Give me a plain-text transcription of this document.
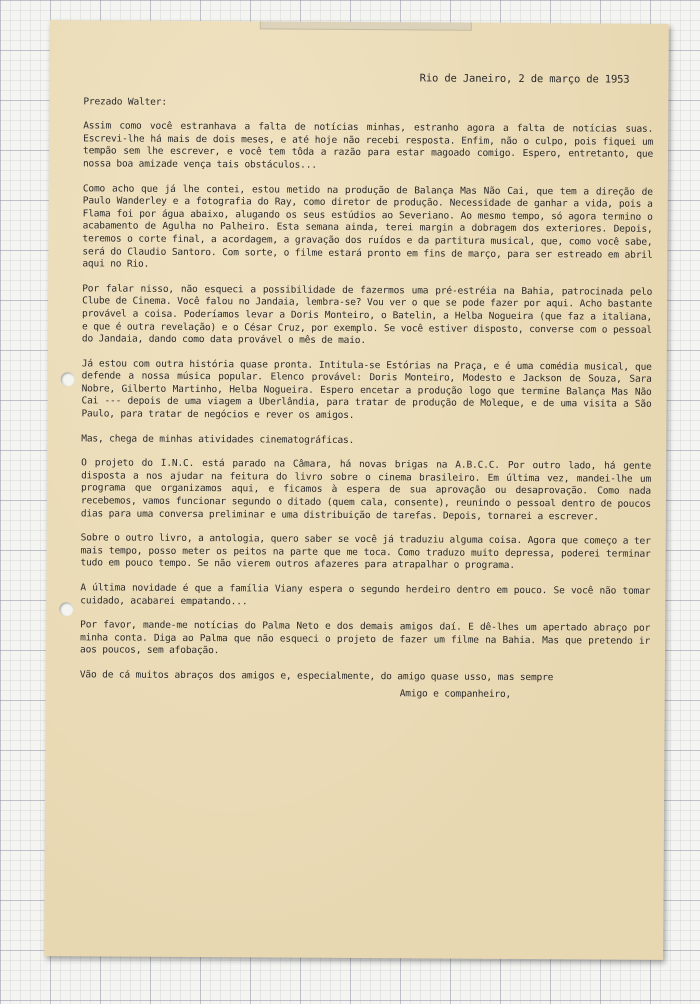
Rio de Janeiro, 2 de março de 1953

Prezado Walter:

Assim como você estranhava a falta de notícias minhas, estranho agora a falta de notícias suas. Escrevi-lhe há mais de dois meses, e até hoje não recebi resposta. Enfim, não o culpo, pois fiquei um tempão sem lhe escrever, e você tem tôda a razão para estar magoado comigo. Espero, entretanto, que nossa boa amizade vença tais obstáculos...

Como acho que já lhe contei, estou metido na produção de Balança Mas Não Cai, que tem a direção de Paulo Wanderley e a fotografia do Ray, como diretor de produção. Necessidade de ganhar a vida, pois a Flama foi por água abaixo, alugando os seus estúdios ao Severiano. Ao mesmo tempo, só agora termino o acabamento de Agulha no Palheiro. Esta semana ainda, terei margin a dobragem dos exteriores. Depois, teremos o corte final, a acordagem, a gravação dos ruídos e da partitura musical, que, como você sabe, será do Claudio Santoro. Com sorte, o filme estará pronto em fins de março, para ser estreado em abril aqui no Rio.

Por falar nisso, não esqueci a possibilidade de fazermos uma pré-estréia na Bahia, patrocinada pelo Clube de Cinema. Você falou no Jandaia, lembra-se? Vou ver o que se pode fazer por aqui. Acho bastante provável a coisa. Poderíamos levar a Doris Monteiro, o Batelin, a Helba Nogueira (que faz a italiana, e que é outra revelação) e o César Cruz, por exemplo. Se você estiver disposto, converse com o pessoal do Jandaia, dando como data provável o mês de maio.

Já estou com outra história quase pronta. Intitula-se Estórias na Praça, e é uma comédia musical, que defende a nossa música popular. Elenco provável: Doris Monteiro, Modesto e Jackson de Souza, Sara Nobre, Gilberto Martinho, Helba Nogueira. Espero encetar a produção logo que termine Balança Mas Não Cai --- depois de uma viagem a Uberlândia, para tratar de produção de Moleque, e de uma visita a São Paulo, para tratar de negócios e rever os amigos.

Mas, chega de minhas atividades cinematográficas.

O projeto do I.N.C. está parado na Câmara, há novas brigas na A.B.C.C. Por outro lado, há gente disposta a nos ajudar na feitura do livro sobre o cinema brasileiro. Em última vez, mandei-lhe um programa que organizamos aqui, e ficamos à espera de sua aprovação ou desaprovação. Como nada recebemos, vamos funcionar segundo o ditado (quem cala, consente), reunindo o pessoal dentro de poucos dias para uma conversa preliminar e uma distribuição de tarefas. Depois, tornarei a escrever.

Sobre o outro livro, a antologia, quero saber se você já traduziu alguma coisa. Agora que começo a ter mais tempo, posso meter os peitos na parte que me toca. Como traduzo muito depressa, poderei terminar tudo em pouco tempo. Se não vierem outros afazeres para atrapalhar o programa.

A última novidade é que a família Viany espera o segundo herdeiro dentro em pouco. Se você não tomar cuidado, acabarei empatando...

Por favor, mande-me notícias do Palma Neto e dos demais amigos daí. E dê-lhes um apertado abraço por minha conta. Diga ao Palma que não esqueci o projeto de fazer um filme na Bahia. Mas que pretendo ir aos poucos, sem afobação.

Vão de cá muitos abraços dos amigos e, especialmente, do amigo quase usso, mas sempre

Amigo e companheiro,
